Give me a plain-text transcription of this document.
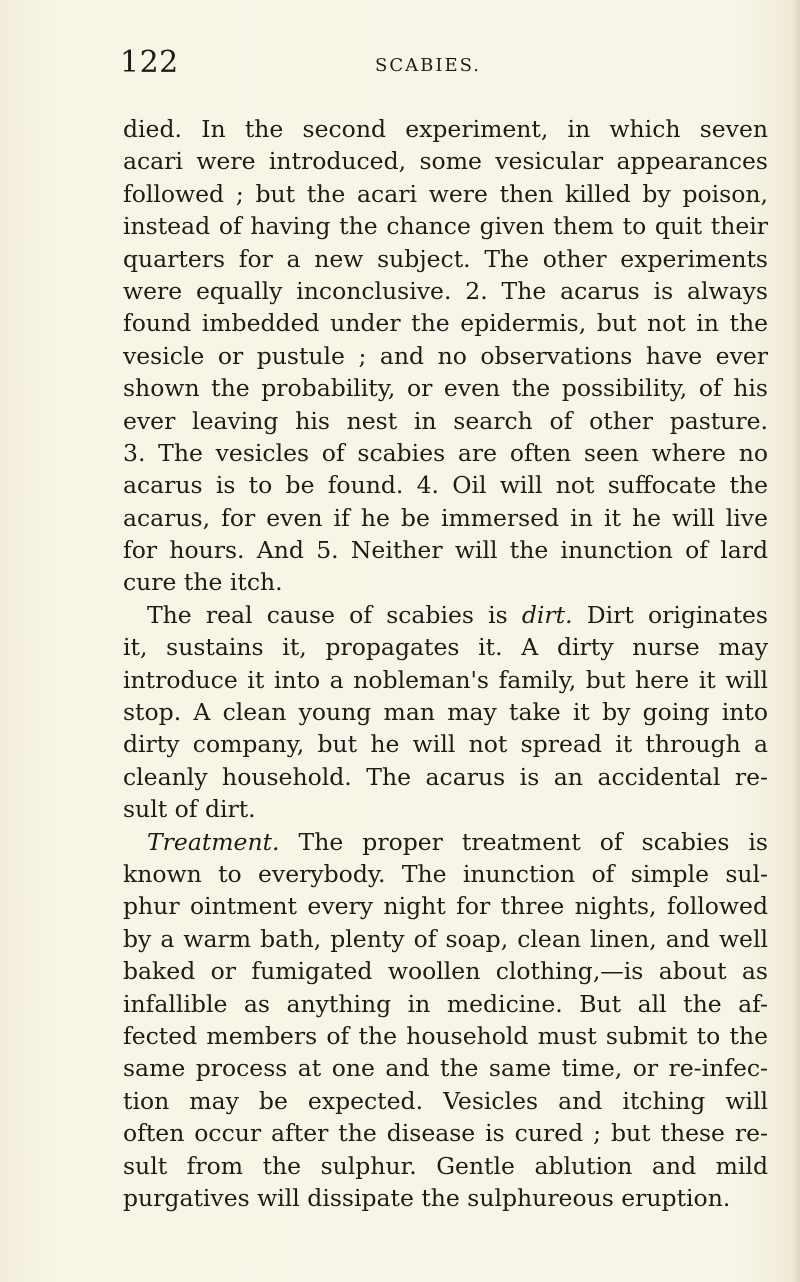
122	SCABIES.
died. In the second experiment, in which seven
acari were introduced, some vesicular appearances
followed ; but the acari were then killed by poison,
instead of having the chance given them to quit their
quarters for a new subject. The other experiments
were equally inconclusive. 2. The acarus is always
found imbedded under the epidermis, but not in the
vesicle or pustule ; and no observations have ever
shown the probability, or even the possibility, of his
ever leaving his nest in search of other pasture.
3. The vesicles of scabies are often seen where no
acarus is to be found. 4. Oil will not suffocate the
acarus, for even if he be immersed in it he will live
for hours. And 5. Neither will the inunction of lard
cure the itch.
The real cause of scabies is dirt. Dirt originates
it, sustains it, propagates it. A dirty nurse may
introduce it into a nobleman's family, but here it will
stop. A clean young man may take it by going into
dirty company, but he will not spread it through a
cleanly household. The acarus is an accidental re-
sult of dirt.
Treatment. The proper treatment of scabies is
known to everybody. The inunction of simple sul-
phur ointment every night for three nights, followed
by a warm bath, plenty of soap, clean linen, and well
baked or fumigated woollen clothing,—is about as
infallible as anything in medicine. But all the af-
fected members of the household must submit to the
same process at one and the same time, or re-infec-
tion may be expected. Vesicles and itching will
often occur after the disease is cured ; but these re-
sult from the sulphur. Gentle ablution and mild
purgatives will dissipate the sulphureous eruption.
